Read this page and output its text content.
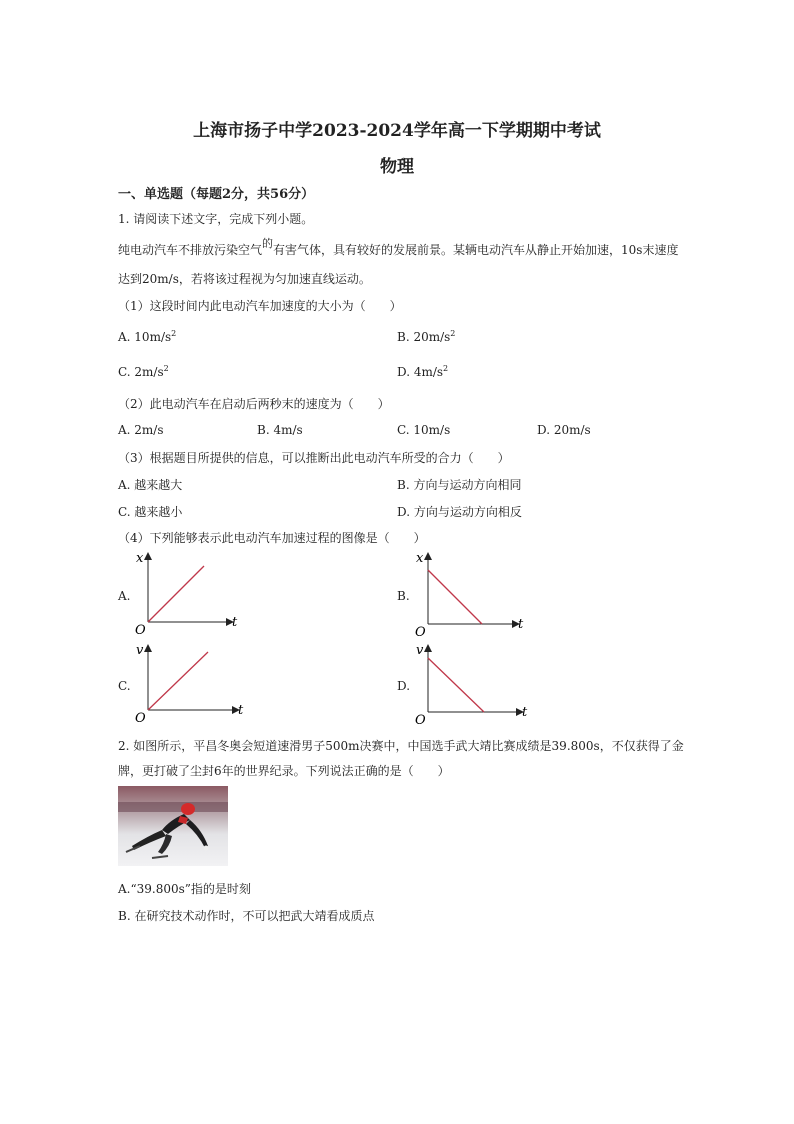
上海市扬子中学2023-2024学年高一下学期期中考试
物理
一、单选题（每题2分，共56分）
1. 请阅读下述文字，完成下列小题。
纯电动汽车不排放污染空气的有害气体，具有较好的发展前景。某辆电动汽车从静止开始加速，10s末速度
达到20m/s，若将该过程视为匀加速直线运动。
（1）这段时间内此电动汽车加速度的大小为（　　）
A. $10m/s^2$	B. $20m/s^2$
C. $2m/s^2$	D. $4m/s^2$
（2）此电动汽车在启动后两秒末的速度为（　　）
A. 2m/s	B. 4m/s	C. 10m/s	D. 20m/s
（3）根据题目所提供的信息，可以推断出此电动汽车所受的合力（　　）
A. 越来越大	B. 方向与运动方向相同
C. 越来越小	D. 方向与运动方向相反
（4）下列能够表示此电动汽车加速过程的图像是（　　）
A.	B.
C.	D.
x
t
O
x
t
O
v
t
O
v
t
O
2. 如图所示，平昌冬奥会短道速滑男子500m决赛中，中国选手武大靖比赛成绩是39.800s，不仅获得了金
牌，更打破了尘封6年的世界纪录。下列说法正确的是（　　）
A.“39.800s”指的是时刻
B. 在研究技术动作时，不可以把武大靖看成质点
